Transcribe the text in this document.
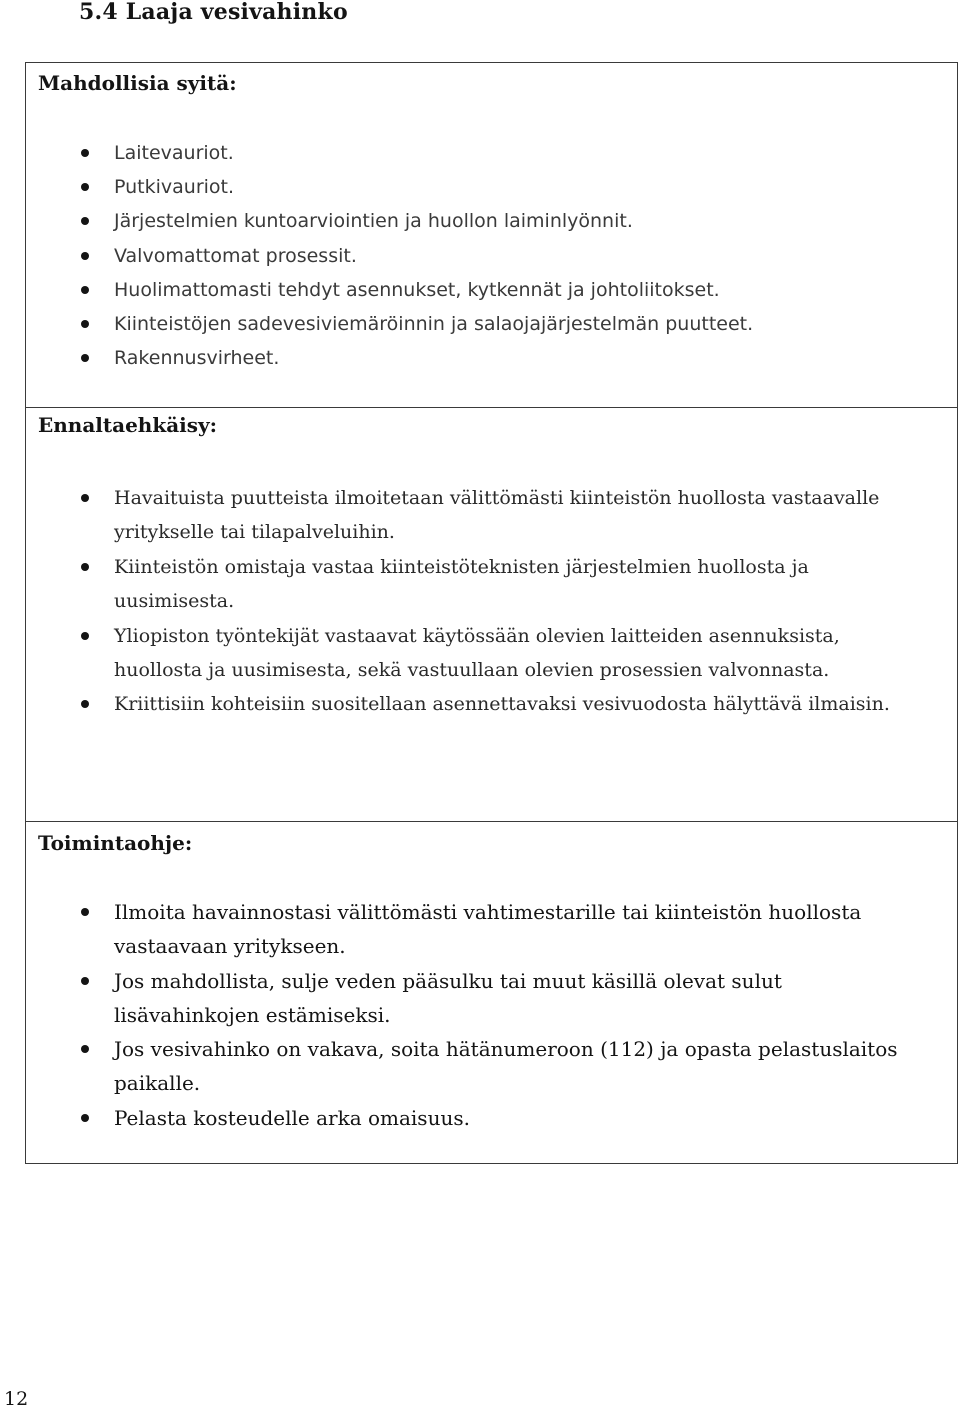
5.4 Laaja vesivahinko
Mahdollisia syitä:
Laitevauriot.
Putkivauriot.
Järjestelmien kuntoarviointien ja huollon laiminlyönnit.
Valvomattomat prosessit.
Huolimattomasti tehdyt asennukset, kytkennät ja johtoliitokset.
Kiinteistöjen sadevesiviemäröinnin ja salaojajärjestelmän puutteet.
Rakennusvirheet.
Ennaltaehkäisy:
Havaituista puutteista ilmoitetaan välittömästi kiinteistön huollosta vastaavalle yritykselle tai tilapalveluihin.
Kiinteistön omistaja vastaa kiinteistöteknisten järjestelmien huollosta ja uusimisesta.
Yliopiston työntekijät vastaavat käytössään olevien laitteiden asennuksista, huollosta ja uusimisesta, sekä vastuullaan olevien prosessien valvonnasta.
Kriittisiin kohteisiin suositellaan asennettavaksi vesivuodosta hälyttävä ilmaisin.
Toimintaohje:
Ilmoita havainnostasi välittömästi vahtimestarille tai kiinteistön huollosta vastaavaan yritykseen.
Jos mahdollista, sulje veden pääsulku tai muut käsillä olevat sulut lisävahinkojen estämiseksi.
Jos vesivahinko on vakava, soita hätänumeroon (112) ja opasta pelastuslaitos paikalle.
Pelasta kosteudelle arka omaisuus.

12
